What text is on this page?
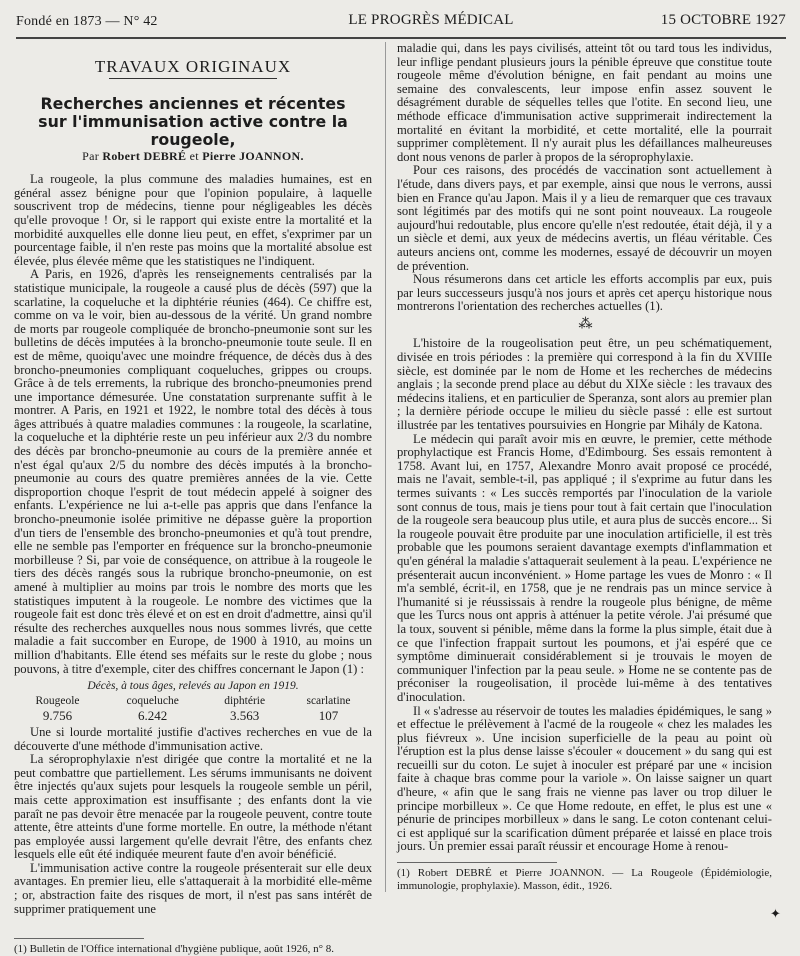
Fondé en 1873 — N° 42	LE PROGRÈS MÉDICAL	15 OCTOBRE 1927
TRAVAUX ORIGINAUX
Recherches anciennes et récentes
sur l'immunisation active contre la rougeole,
Par Robert DEBRÉ et Pierre JOANNON.

La rougeole, la plus commune des maladies humaines, est en général assez bénigne pour que l'opinion populaire, à laquelle souscrivent trop de médecins, tienne pour négligeables les décès qu'elle provoque ! Or, si le rapport qui existe entre la mortalité et la morbidité auxquelles elle donne lieu peut, en effet, s'exprimer par un pourcentage faible, il n'en reste pas moins que la mortalité absolue est élevée, plus élevée même que les statistiques ne l'indiquent.

A Paris, en 1926, d'après les renseignements centralisés par la statistique municipale, la rougeole a causé plus de décès (597) que la scarlatine, la coqueluche et la diphtérie réunies (464). Ce chiffre est, comme on va le voir, bien au-dessous de la vérité. Un grand nombre de morts par rougeole compliquée de broncho-pneumonie sont sur les bulletins de décès imputées à la broncho-pneumonie toute seule. Il en est de même, quoiqu'avec une moindre fréquence, de décès dus à des broncho-pneumonies compliquant coqueluches, grippes ou croups. Grâce à de tels errements, la rubrique des broncho-pneumonies prend une importance démesurée. Une constatation surprenante suffit à le montrer. A Paris, en 1921 et 1922, le nombre total des décès à tous âges attribués à quatre maladies communes : la rougeole, la scarlatine, la coqueluche et la diphtérie reste un peu inférieur aux 2/3 du nombre des décès par broncho-pneumonie au cours de la première année et n'est égal qu'aux 2/5 du nombre des décès imputés à la broncho-pneumonie au cours des quatre premières années de la vie. Cette disproportion choque l'esprit de tout médecin appelé à soigner des enfants. L'expérience ne lui a-t-elle pas appris que dans l'enfance la broncho-pneumonie isolée primitive ne dépasse guère la proportion d'un tiers de l'ensemble des broncho-pneumonies et qu'à tout prendre, elle ne semble pas l'emporter en fréquence sur la broncho-pneumonie morbilleuse ? Si, par voie de conséquence, on attribue à la rougeole le tiers des décès rangés sous la rubrique broncho-pneumonie, on est amené à multiplier au moins par trois le nombre des morts que les statistiques imputent à la rougeole. Le nombre des victimes que la rougeole fait est donc très élevé et on est en droit d'admettre, ainsi qu'il résulte des recherches auxquelles nous nous sommes livrés, que cette maladie a fait succomber en Europe, de 1900 à 1910, au moins un million d'habitants. Elle étend ses méfaits sur le reste du globe ; nous pouvons, à titre d'exemple, citer des chiffres concernant le Japon (1) :

Décès, à tous âges, relevés au Japon en 1919.
Rougeole	coqueluche	diphtérie	scarlatine
9.756	6.242	3.563	107

Une si lourde mortalité justifie d'actives recherches en vue de la découverte d'une méthode d'immunisation active.

La séroprophylaxie n'est dirigée que contre la mortalité et ne la peut combattre que partiellement. Les sérums immunisants ne doivent être injectés qu'aux sujets pour lesquels la rougeole semble un péril, mais cette approximation est insuffisante ; des enfants dont la vie paraît ne pas devoir être menacée par la rougeole peuvent, contre toute attente, être atteints d'une forme mortelle. En outre, la méthode n'étant pas employée aussi largement qu'elle devrait l'être, des enfants chez lesquels elle eût été indiquée meurent faute d'en avoir bénéficié.

L'immunisation active contre la rougeole présenterait sur elle deux avantages. En premier lieu, elle s'attaquerait à la morbidité elle-même ; or, abstraction faite des risques de mort, il n'est pas sans intérêt de supprimer pratiquement une

(1) Bulletin de l'Office international d'hygiène publique, août 1926, n° 8.

maladie qui, dans les pays civilisés, atteint tôt ou tard tous les individus, leur inflige pendant plusieurs jours la pénible épreuve que constitue toute rougeole même d'évolution bénigne, en fait pendant au moins une semaine des convalescents, leur impose enfin assez souvent le désagrément durable de séquelles telles que l'otite. En second lieu, une méthode efficace d'immunisation active supprimerait indirectement la mortalité en évitant la morbidité, et cette mortalité, elle la pourrait supprimer complètement. Il n'y aurait plus les défaillances malheureuses dont nous venons de parler à propos de la séroprophylaxie.

Pour ces raisons, des procédés de vaccination sont actuellement à l'étude, dans divers pays, et par exemple, ainsi que nous le verrons, aussi bien en France qu'au Japon. Mais il y a lieu de remarquer que ces travaux sont légitimés par des motifs qui ne sont point nouveaux. La rougeole aujourd'hui redoutable, plus encore qu'elle n'est redoutée, était déjà, il y a un siècle et demi, aux yeux de médecins avertis, un fléau véritable. Ces auteurs anciens ont, comme les modernes, essayé de découvrir un moyen de prévention.

Nous résumerons dans cet article les efforts accomplis par eux, puis par leurs successeurs jusqu'à nos jours et après cet aperçu historique nous montrerons l'orientation des recherches actuelles (1).

⁂

L'histoire de la rougeolisation peut être, un peu schématiquement, divisée en trois périodes : la première qui correspond à la fin du XVIIIe siècle, est dominée par le nom de Home et les recherches de médecins anglais ; la seconde prend place au début du XIXe siècle : les travaux des médecins italiens, et en particulier de Speranza, sont alors au premier plan ; la dernière période occupe le milieu du siècle passé : elle est surtout illustrée par les tentatives poursuivies en Hongrie par Mihály de Katona.

Le médecin qui paraît avoir mis en œuvre, le premier, cette méthode prophylactique est Francis Home, d'Edimbourg. Ses essais remontent à 1758. Avant lui, en 1757, Alexandre Monro avait proposé ce procédé, mais ne l'avait, semble-t-il, pas appliqué ; il s'exprime au futur dans les termes suivants : « Les succès remportés par l'inoculation de la variole sont connus de tous, mais je tiens pour tout à fait certain que l'inoculation de la rougeole sera beaucoup plus utile, et aura plus de succès encore... Si la rougeole pouvait être produite par une inoculation artificielle, il est très probable que les poumons seraient davantage exempts d'inflammation et qu'en général la maladie s'attaquerait seulement à la peau. L'expérience ne présenterait aucun inconvénient. » Home partage les vues de Monro : « Il m'a semblé, écrit-il, en 1758, que je ne rendrais pas un mince service à l'humanité si je réussissais à rendre la rougeole plus bénigne, de même que les Turcs nous ont appris à atténuer la petite vérole. J'ai présumé que la toux, souvent si pénible, même dans la forme la plus simple, était due à ce que l'infection frappait surtout les poumons, et j'ai espéré que ce symptôme diminuerait considérablement si je trouvais le moyen de communiquer l'infection par la peau seule. » Home ne se contente pas de préconiser la rougeolisation, il procède lui-même à des tentatives d'inoculation.

Il « s'adresse au réservoir de toutes les maladies épidémiques, le sang » et effectue le prélèvement à l'acmé de la rougeole « chez les malades les plus fiévreux ». Une incision superficielle de la peau au point où l'éruption est la plus dense laisse s'écouler « doucement » du sang qui est recueilli sur du coton. Le sujet à inoculer est préparé par une « incision faite à chaque bras comme pour la variole ». On laisse saigner un quart d'heure, « afin que le sang frais ne vienne pas laver ou trop diluer le principe morbilleux ». Ce que Home redoute, en effet, le plus est une « pénurie de principes morbilleux » dans le sang. Le coton contenant celui-ci est appliqué sur la scarification dûment préparée et laissé en place trois jours. Un premier essai paraît réussir et encourage Home à renou-

(1) Robert DEBRÉ et Pierre JOANNON. — La Rougeole (Épidémiologie, immunologie, prophylaxie). Masson, édit., 1926.
✦
